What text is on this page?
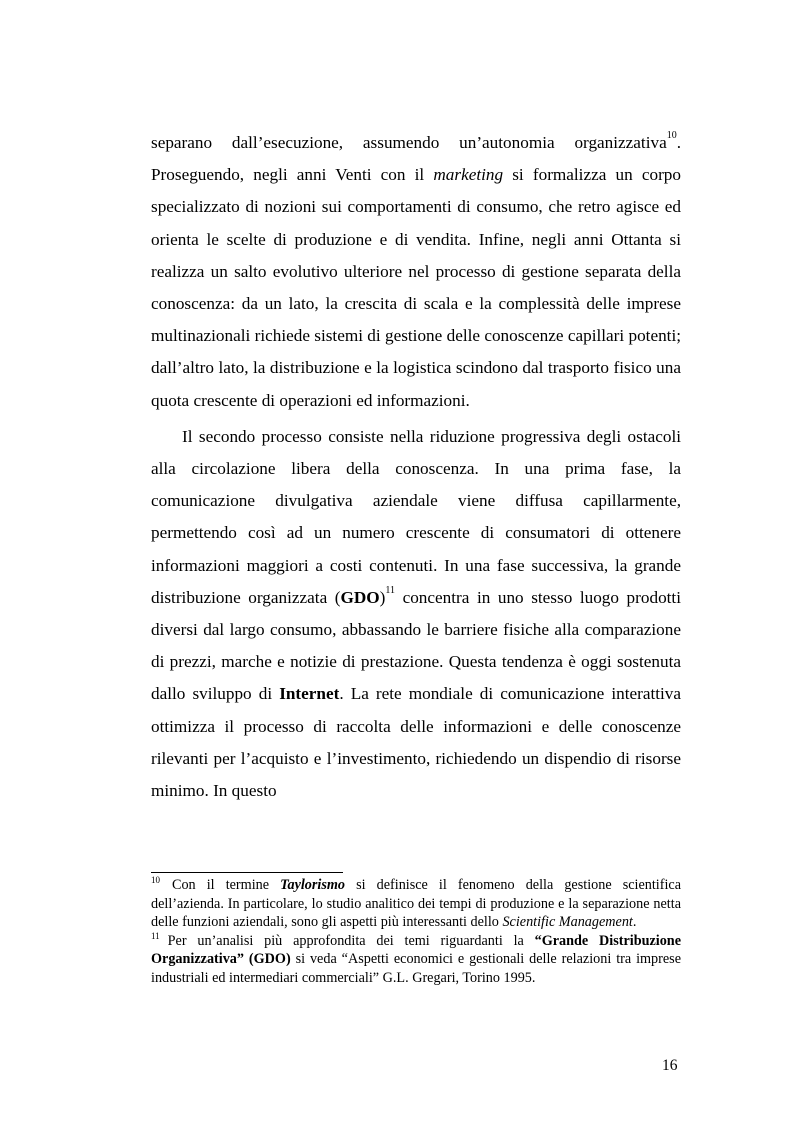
separano dall’esecuzione, assumendo un’autonomia organizzativa$^{10}$. Proseguendo, negli anni Venti con il marketing si formalizza un corpo specializzato di nozioni sui comportamenti di consumo, che retro agisce ed orienta le scelte di produzione e di vendita. Infine, negli anni Ottanta si realizza un salto evolutivo ulteriore nel processo di gestione separata della conoscenza: da un lato, la crescita di scala e la complessità delle imprese multinazionali richiede sistemi di gestione delle conoscenze capillari potenti; dall’altro lato, la distribuzione e la logistica scindono dal trasporto fisico una quota crescente di operazioni ed informazioni.

Il secondo processo consiste nella riduzione progressiva degli ostacoli alla circolazione libera della conoscenza. In una prima fase, la comunicazione divulgativa aziendale viene diffusa capillarmente, permettendo così ad un numero crescente di consumatori di ottenere informazioni maggiori a costi contenuti. In una fase successiva, la grande distribuzione organizzata (GDO)$^{11}$ concentra in uno stesso luogo prodotti diversi dal largo consumo, abbassando le barriere fisiche alla comparazione di prezzi, marche e notizie di prestazione. Questa tendenza è oggi sostenuta dallo sviluppo di Internet. La rete mondiale di comunicazione interattiva ottimizza il processo di raccolta delle informazioni e delle conoscenze rilevanti per l’acquisto e l’investimento, richiedendo un dispendio di risorse minimo. In questo

$^{10}$ Con il termine Taylorismo si definisce il fenomeno della gestione scientifica dell’azienda. In particolare, lo studio analitico dei tempi di produzione e la separazione netta delle funzioni aziendali, sono gli aspetti più interessanti dello Scientific Management.

$^{11}$ Per un’analisi più approfondita dei temi riguardanti la “Grande Distribuzione Organizzativa” (GDO) si veda “Aspetti economici e gestionali delle relazioni tra imprese industriali ed intermediari commerciali” G.L. Gregari, Torino 1995.

16
